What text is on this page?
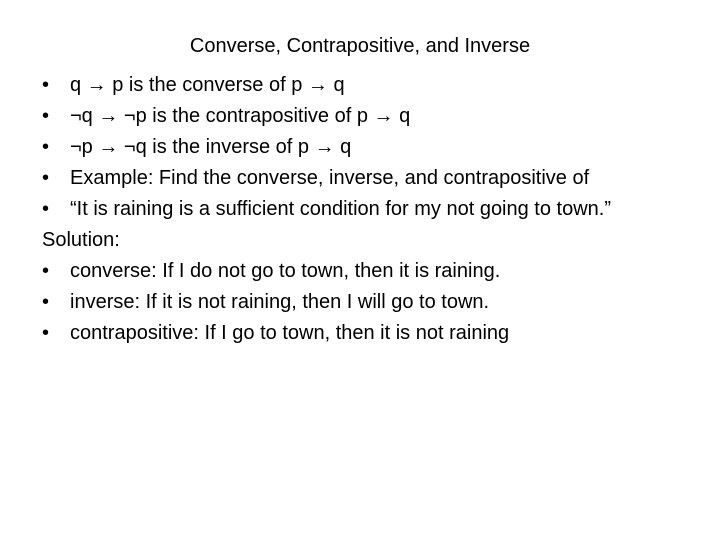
Converse, Contrapositive, and Inverse
• q → p is the converse of p → q
• ¬q → ¬p is the contrapositive of p → q
• ¬p → ¬q is the inverse of p → q
• Example: Find the converse, inverse, and contrapositive of
• “It is raining is a sufficient condition for my not going to town.”
Solution:
• converse: If I do not go to town, then it is raining.
• inverse: If it is not raining, then I will go to town.
• contrapositive: If I go to town, then it is not raining
